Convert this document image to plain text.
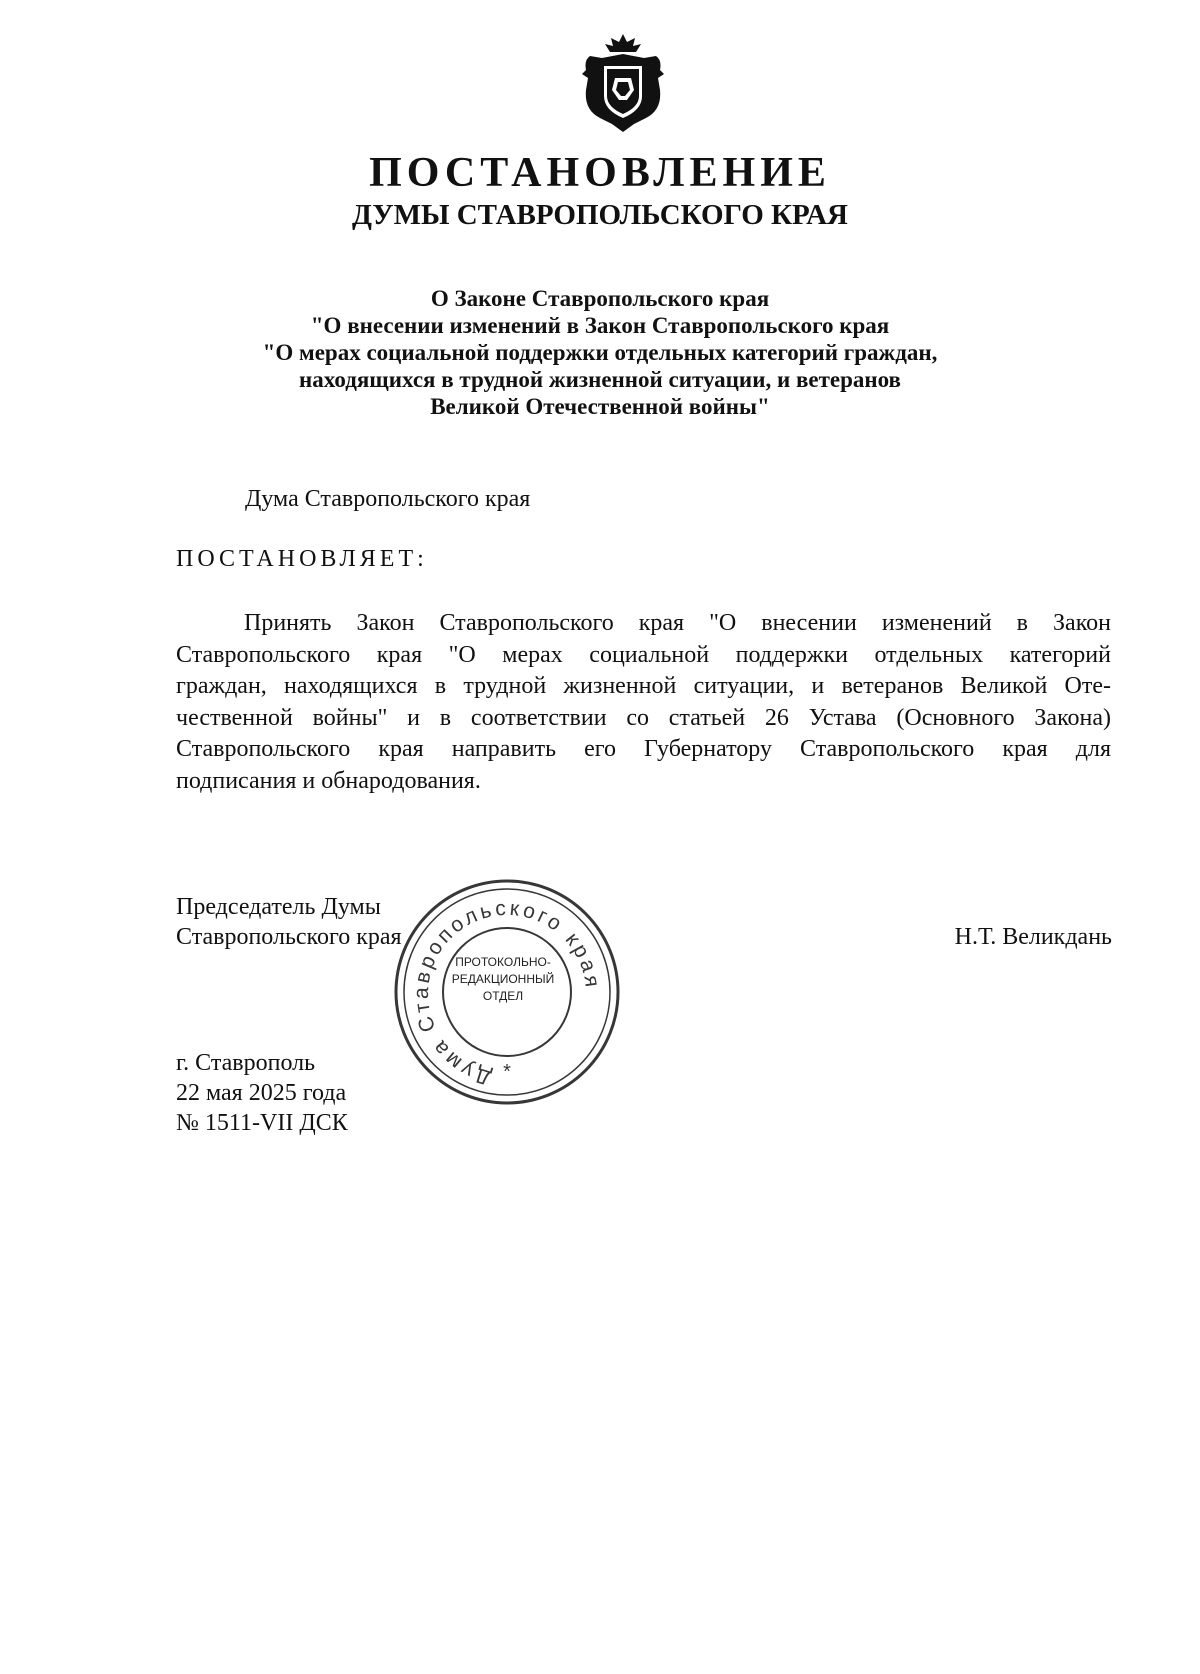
ПОСТАНОВЛЕНИЕ
ДУМЫ СТАВРОПОЛЬСКОГО КРАЯ
О Законе Ставропольского края
"О внесении изменений в Закон Ставропольского края
"О мерах социальной поддержки отдельных категорий граждан,
находящихся в трудной жизненной ситуации, и ветеранов
Великой Отечественной войны"
Дума Ставропольского края
ПОСТАНОВЛЯЕТ:
Принять Закон Ставропольского края "О внесении изменений в Закон
Ставропольского края "О мерах социальной поддержки отдельных категорий
граждан, находящихся в трудной жизненной ситуации, и ветеранов Великой Оте-
чественной войны" и в соответствии со статьей 26 Устава (Основного Закона)
Ставропольского края направить его Губернатору Ставропольского края для
подписания и обнародования.
Председатель Думы
Ставропольского края	Н.Т. Великдань
г. Ставрополь
22 мая 2025 года
№ 1511-VII ДСК
Дума Ставропольского края
*
ПРОТОКОЛЬНО-
РЕДАКЦИОННЫЙ
ОТДЕЛ
